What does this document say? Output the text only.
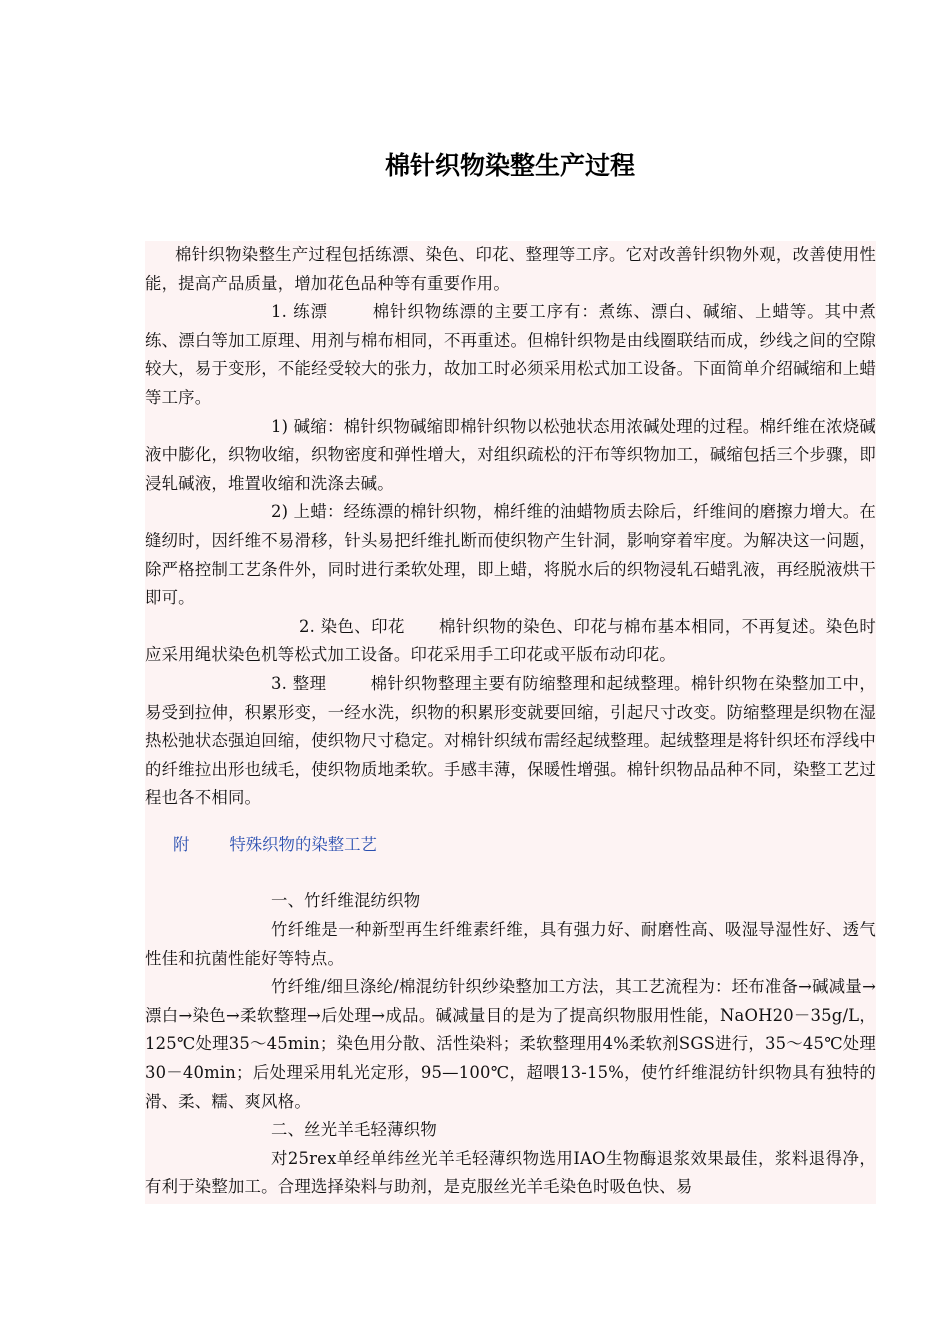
棉针织物染整生产过程

棉针织物染整生产过程包括练漂、染色、印花、整理等工序。它对改善针织物外观，改善使用性能，提高产品质量，增加花色品种等有重要作用。

1. 练漂	棉针织物练漂的主要工序有：煮练、漂白、碱缩、上蜡等。其中煮练、漂白等加工原理、用剂与棉布相同，不再重述。但棉针织物是由线圈联结而成，纱线之间的空隙较大，易于变形，不能经受较大的张力，故加工时必须采用松式加工设备。下面简单介绍碱缩和上蜡等工序。

1) 碱缩：棉针织物碱缩即棉针织物以松弛状态用浓碱处理的过程。棉纤维在浓烧碱液中膨化，织物收缩，织物密度和弹性增大，对组织疏松的汗布等织物加工，碱缩包括三个步骤，即浸轧碱液，堆置收缩和洗涤去碱。

2) 上蜡：经练漂的棉针织物，棉纤维的油蜡物质去除后，纤维间的磨擦力增大。在缝纫时，因纤维不易滑移，针头易把纤维扎断而使织物产生针洞，影响穿着牢度。为解决这一问题，除严格控制工艺条件外，同时进行柔软处理，即上蜡，将脱水后的织物浸轧石蜡乳液，再经脱液烘干即可。

2. 染色、印花 棉针织物的染色、印花与棉布基本相同，不再复述。染色时应采用绳状染色机等松式加工设备。印花采用手工印花或平版布动印花。

3. 整理	棉针织物整理主要有防缩整理和起绒整理。棉针织物在染整加工中，易受到拉伸，积累形变，一经水洗，织物的积累形变就要回缩，引起尺寸改变。防缩整理是织物在湿热松弛状态强迫回缩，使织物尺寸稳定。对棉针织绒布需经起绒整理。起绒整理是将针织坯布浮线中的纤维拉出形也绒毛，使织物质地柔软。手感丰薄，保暖性增强。棉针织物品品种不同，染整工艺过程也各不相同。

附 特殊织物的染整工艺

一、竹纤维混纺织物

竹纤维是一种新型再生纤维素纤维，具有强力好、耐磨性高、吸湿导湿性好、透气性佳和抗菌性能好等特点。

竹纤维/细旦涤纶/棉混纺针织纱染整加工方法，其工艺流程为：坯布准备→碱减量→漂白→染色→柔软整理→后处理→成品。碱减量目的是为了提高织物服用性能，NaOH20－35g/L，125℃处理35～45min；染色用分散、活性染料；柔软整理用4%柔软剂SGS进行，35～45℃处理30－40min；后处理采用轧光定形，95—100℃，超喂13-15%，使竹纤维混纺针织物具有独特的滑、柔、糯、爽风格。

二、丝光羊毛轻薄织物

对25rex单经单纬丝光羊毛轻薄织物选用IAO生物酶退浆效果最佳，浆料退得净，有利于染整加工。合理选择染料与助剂，是克服丝光羊毛染色时吸色快、易
